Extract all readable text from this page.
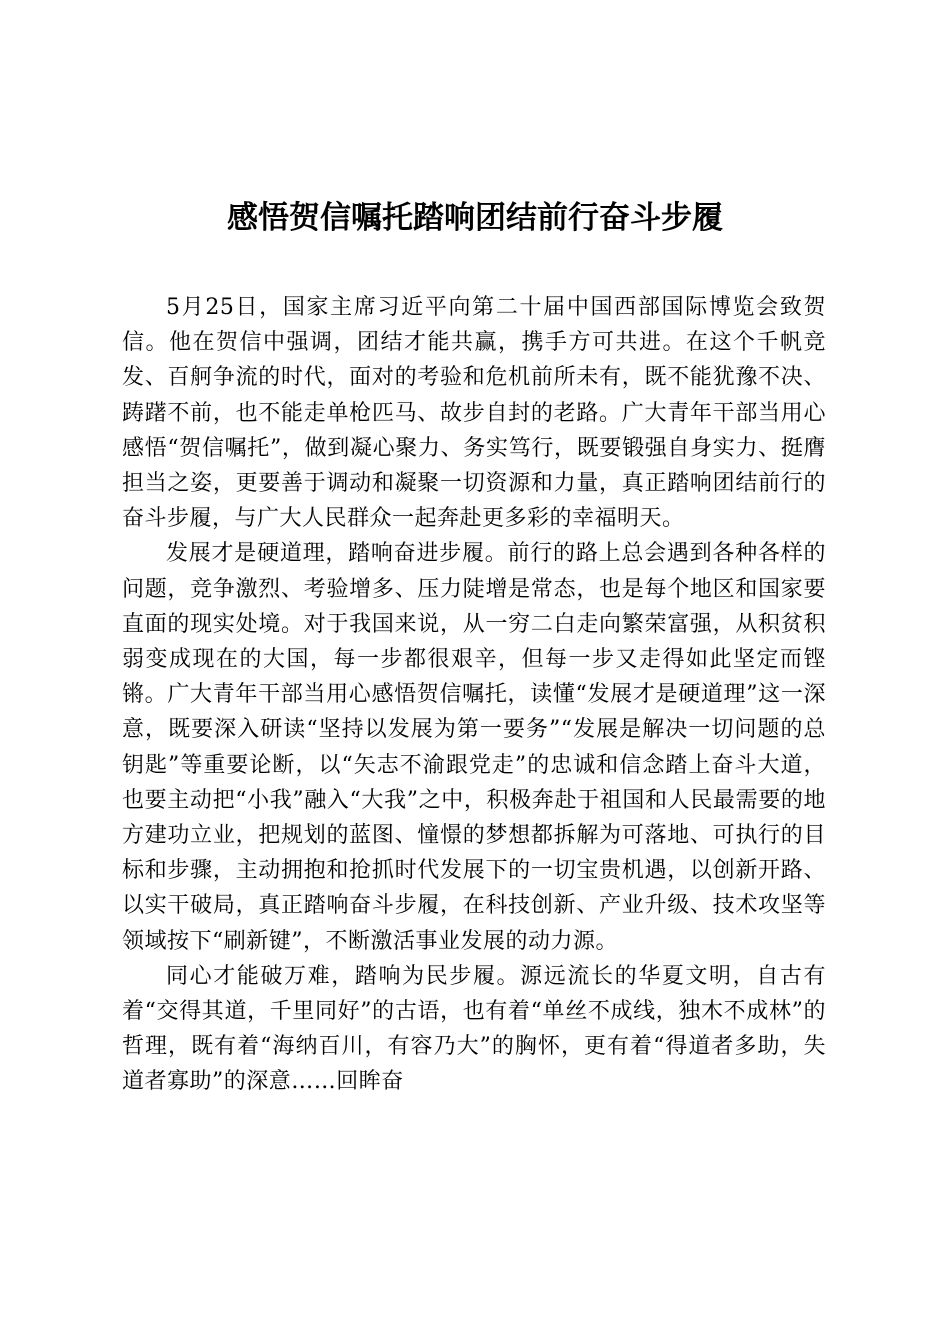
感悟贺信嘱托踏响团结前行奋斗步履

5月25日，国家主席习近平向第二十届中国西部国际博览会致贺信。他在贺信中强调，团结才能共赢，携手方可共进。在这个千帆竞发、百舸争流的时代，面对的考验和危机前所未有，既不能犹豫不决、踌躇不前，也不能走单枪匹马、故步自封的老路。广大青年干部当用心感悟“贺信嘱托”，做到凝心聚力、务实笃行，既要锻强自身实力、挺膺担当之姿，更要善于调动和凝聚一切资源和力量，真正踏响团结前行的奋斗步履，与广大人民群众一起奔赴更多彩的幸福明天。

发展才是硬道理，踏响奋进步履。前行的路上总会遇到各种各样的问题，竞争激烈、考验增多、压力陡增是常态，也是每个地区和国家要直面的现实处境。对于我国来说，从一穷二白走向繁荣富强，从积贫积弱变成现在的大国，每一步都很艰辛，但每一步又走得如此坚定而铿锵。广大青年干部当用心感悟贺信嘱托，读懂“发展才是硬道理”这一深意，既要深入研读“坚持以发展为第一要务”“发展是解决一切问题的总钥匙”等重要论断，以“矢志不渝跟党走”的忠诚和信念踏上奋斗大道，也要主动把“小我”融入“大我”之中，积极奔赴于祖国和人民最需要的地方建功立业，把规划的蓝图、憧憬的梦想都拆解为可落地、可执行的目标和步骤，主动拥抱和抢抓时代发展下的一切宝贵机遇，以创新开路、以实干破局，真正踏响奋斗步履，在科技创新、产业升级、技术攻坚等领域按下“刷新键”，不断激活事业发展的动力源。

同心才能破万难，踏响为民步履。源远流长的华夏文明，自古有着“交得其道，千里同好”的古语，也有着“单丝不成线，独木不成林”的哲理，既有着“海纳百川，有容乃大”的胸怀，更有着“得道者多助，失道者寡助”的深意……回眸奋
